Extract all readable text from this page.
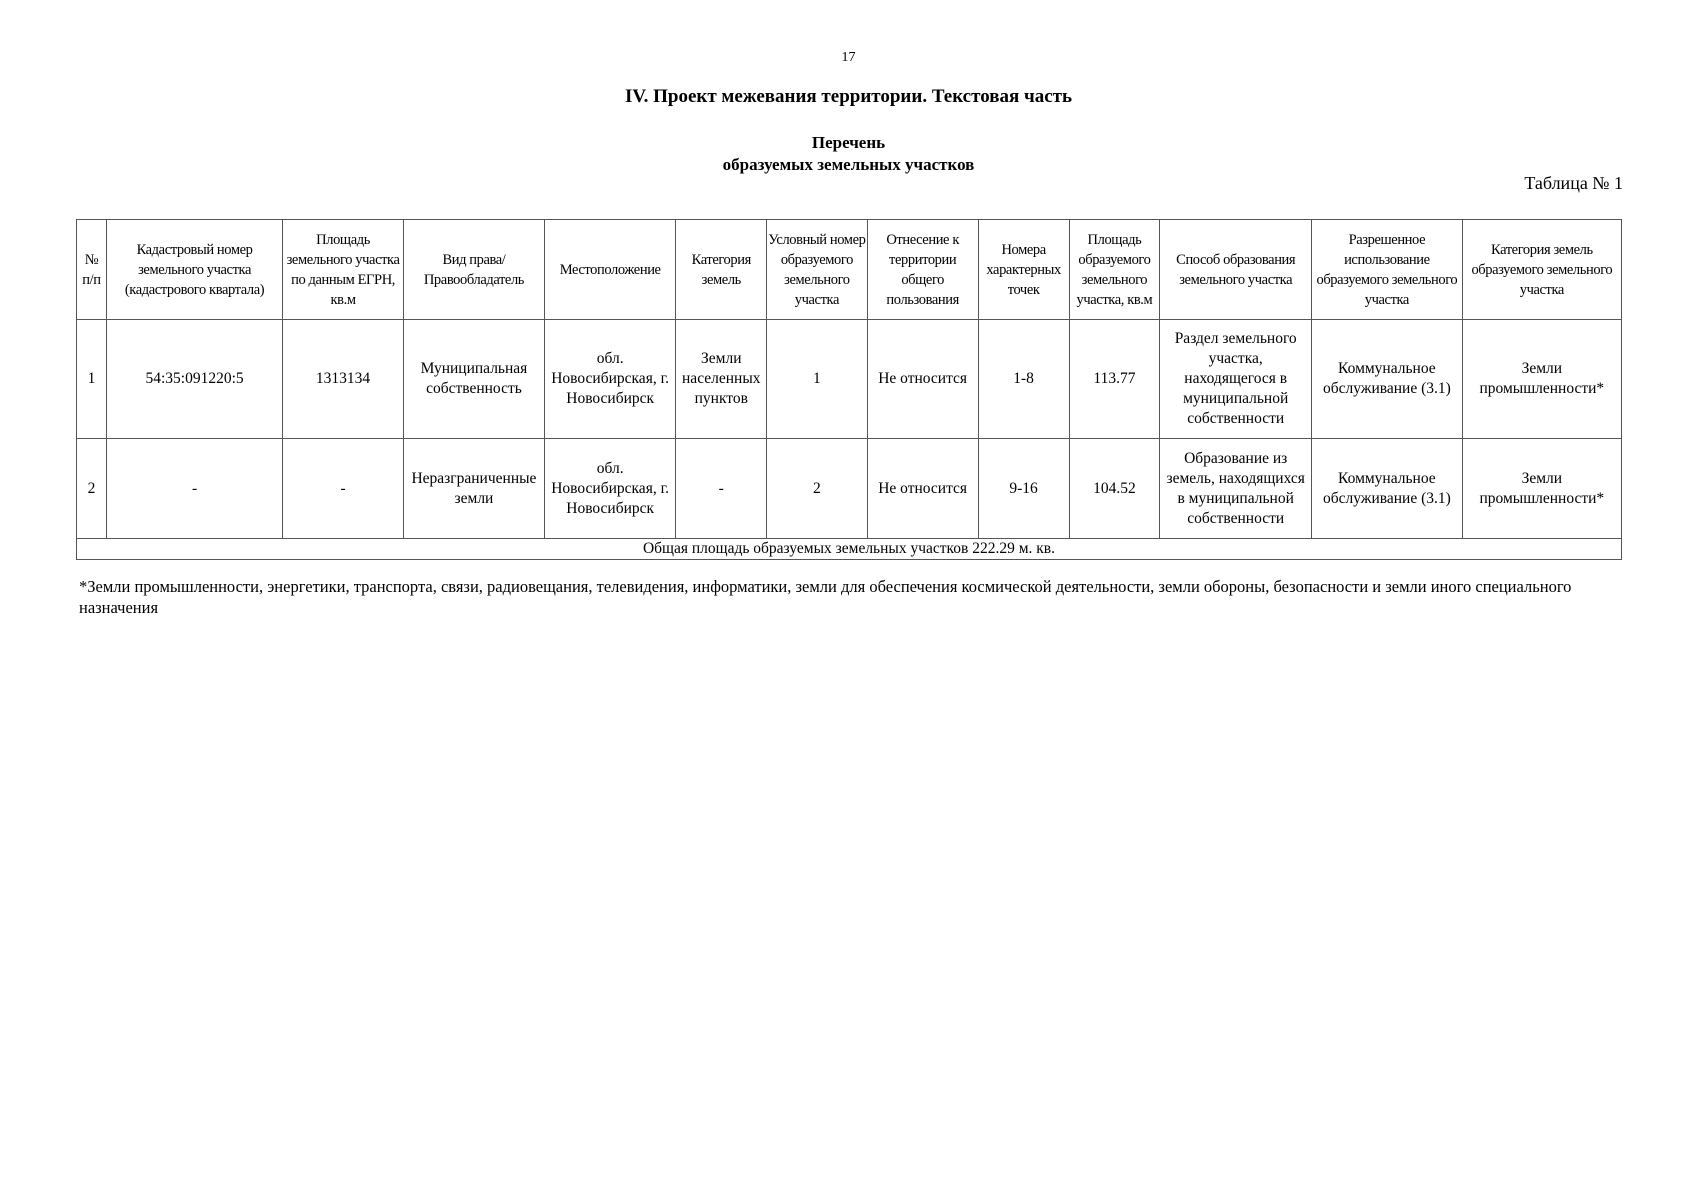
17
IV. Проект межевания территории. Текстовая часть
Перечень
образуемых земельных участков
Таблица № 1
№ п/п	Кадастровый номер земельного участка (кадастрового квартала)	Площадь земельного участка по данным ЕГРН, кв.м	Вид права/ Правообладатель	Местоположение	Категория земель	Условный номер образуемого земельного участка	Отнесение к территории общего пользования	Номера характерных точек	Площадь образуемого земельного участка, кв.м	Способ образования земельного участка	Разрешенное использование образуемого земельного участка	Категория земель образуемого земельного участка
1	54:35:091220:5	1313134	Муниципальная собственность	обл. Новосибирская, г. Новосибирск	Земли населенных пунктов	1	Не относится	1-8	113.77	Раздел земельного участка, находящегося в муниципальной собственности	Коммунальное обслуживание (3.1)	Земли промышленности*
2	-	-	Неразграниченные земли	обл. Новосибирская, г. Новосибирск	-	2	Не относится	9-16	104.52	Образование из земель, находящихся в муниципальной собственности	Коммунальное обслуживание (3.1)	Земли промышленности*
Общая площадь образуемых земельных участков 222.29 м. кв.												
*Земли промышленности, энергетики, транспорта, связи, радиовещания, телевидения, информатики, земли для обеспечения космической деятельности, земли обороны, безопасности и земли иного специального назначения
